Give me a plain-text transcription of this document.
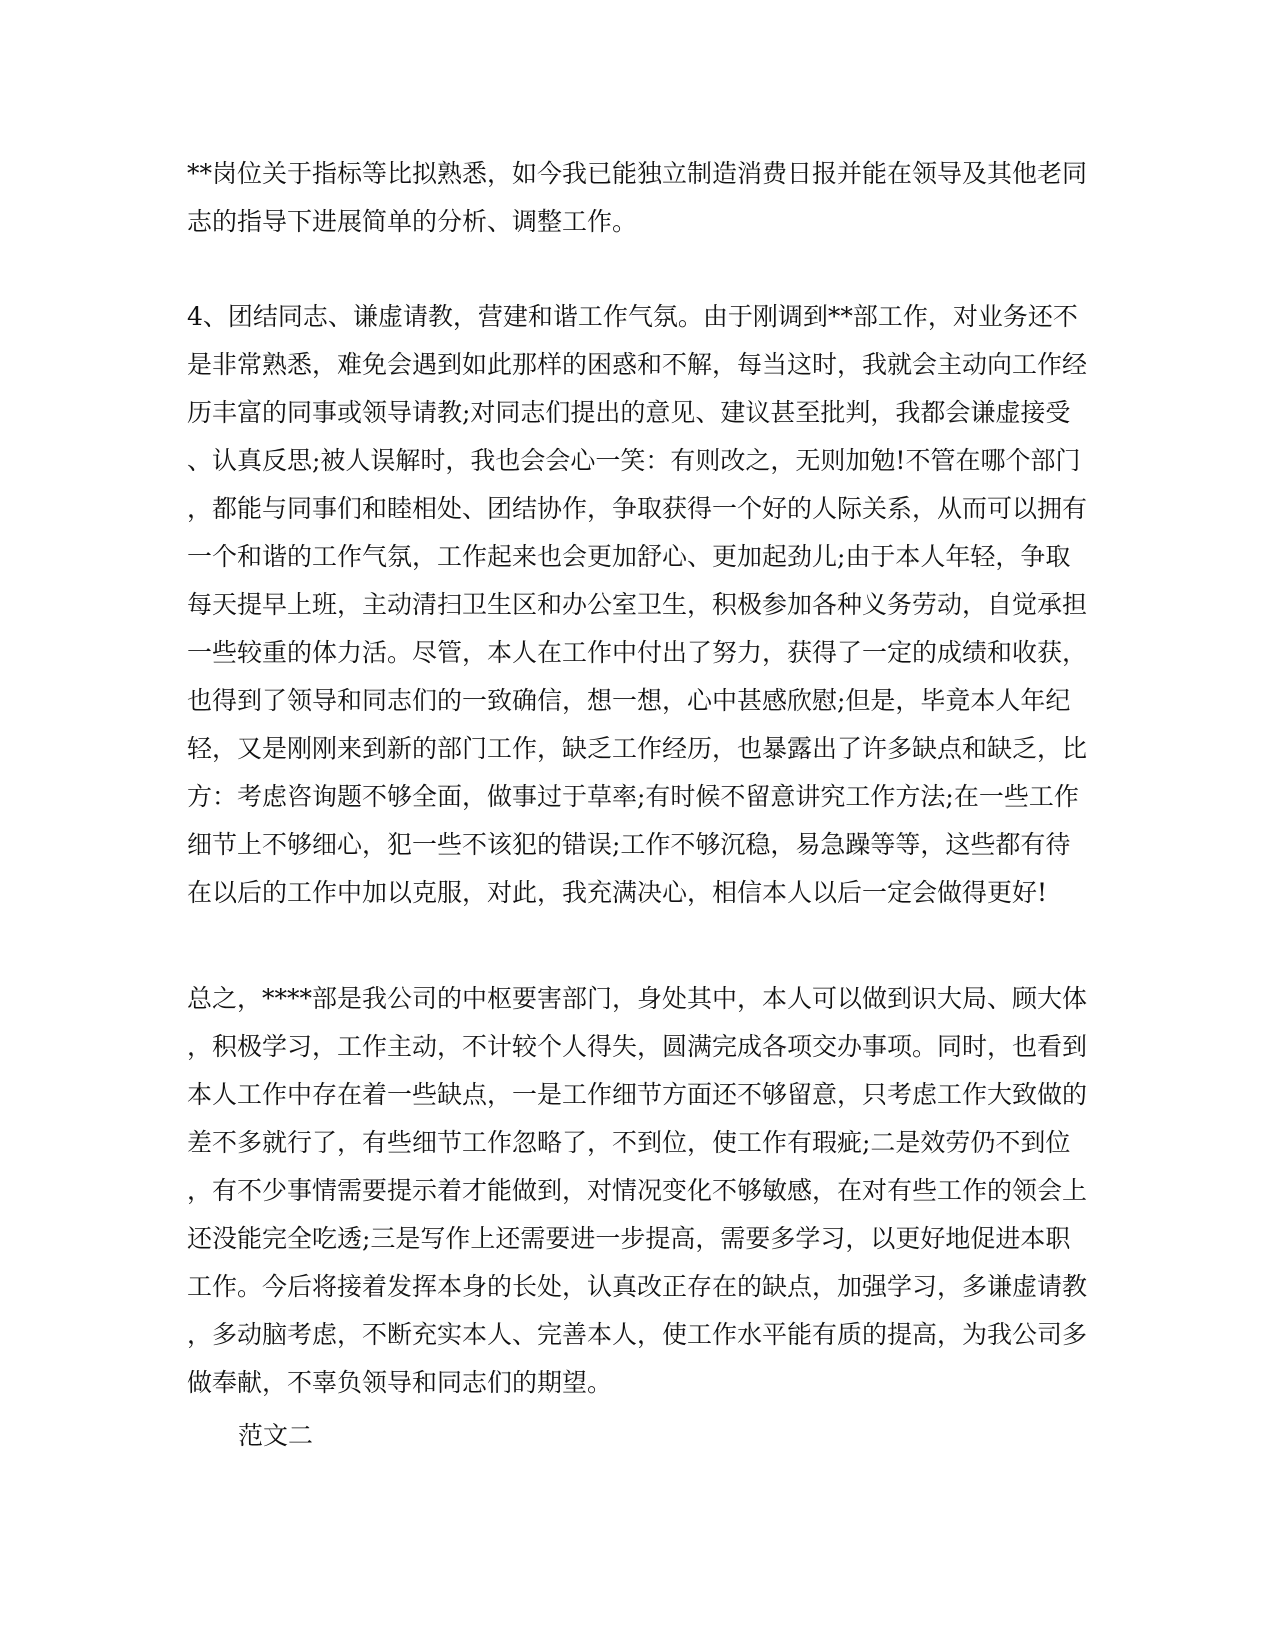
**岗位关于指标等比拟熟悉，如今我已能独立制造消费日报并能在领导及其他老同
志的指导下进展简单的分析、调整工作。
4、团结同志、谦虚请教，营建和谐工作气氛。由于刚调到**部工作，对业务还不
是非常熟悉，难免会遇到如此那样的困惑和不解，每当这时，我就会主动向工作经
历丰富的同事或领导请教;对同志们提出的意见、建议甚至批判，我都会谦虚接受
、认真反思;被人误解时，我也会会心一笑：有则改之，无则加勉!不管在哪个部门
，都能与同事们和睦相处、团结协作，争取获得一个好的人际关系，从而可以拥有
一个和谐的工作气氛，工作起来也会更加舒心、更加起劲儿;由于本人年轻，争取
每天提早上班，主动清扫卫生区和办公室卫生，积极参加各种义务劳动，自觉承担
一些较重的体力活。尽管，本人在工作中付出了努力，获得了一定的成绩和收获，
也得到了领导和同志们的一致确信，想一想，心中甚感欣慰;但是，毕竟本人年纪
轻，又是刚刚来到新的部门工作，缺乏工作经历，也暴露出了许多缺点和缺乏，比
方：考虑咨询题不够全面，做事过于草率;有时候不留意讲究工作方法;在一些工作
细节上不够细心，犯一些不该犯的错误;工作不够沉稳，易急躁等等，这些都有待
在以后的工作中加以克服，对此，我充满决心，相信本人以后一定会做得更好!
总之，****部是我公司的中枢要害部门，身处其中，本人可以做到识大局、顾大体
，积极学习，工作主动，不计较个人得失，圆满完成各项交办事项。同时，也看到
本人工作中存在着一些缺点，一是工作细节方面还不够留意，只考虑工作大致做的
差不多就行了，有些细节工作忽略了，不到位，使工作有瑕疵;二是效劳仍不到位
，有不少事情需要提示着才能做到，对情况变化不够敏感，在对有些工作的领会上
还没能完全吃透;三是写作上还需要进一步提高，需要多学习，以更好地促进本职
工作。今后将接着发挥本身的长处，认真改正存在的缺点，加强学习，多谦虚请教
，多动脑考虑，不断充实本人、完善本人，使工作水平能有质的提高，为我公司多
做奉献，不辜负领导和同志们的期望。
范文二
